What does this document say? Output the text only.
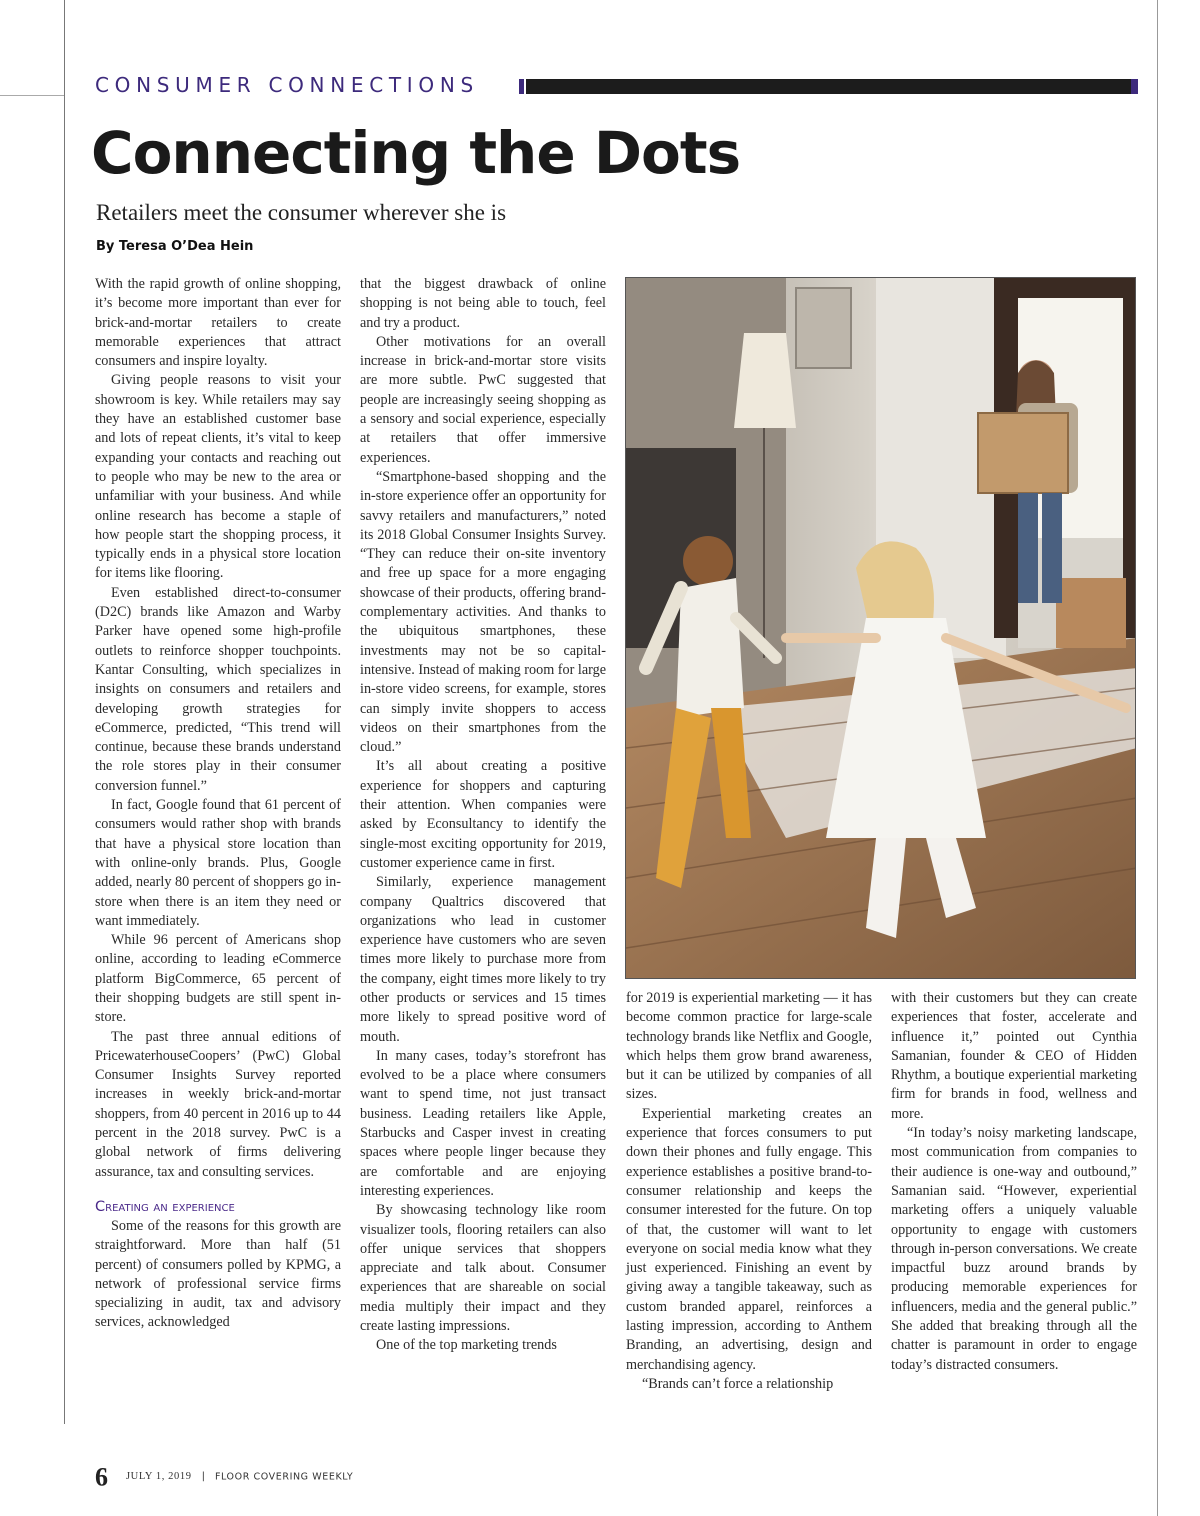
CONSUMER CONNECTIONS
Connecting the Dots
Retailers meet the consumer wherever she is
By Teresa O’Dea Hein

With the rapid growth of online shopping, it’s become more important than ever for brick-and-mortar retailers to create memorable experiences that attract consumers and inspire loyalty.

Giving people reasons to visit your showroom is key. While retailers may say they have an established customer base and lots of repeat clients, it’s vital to keep expanding your contacts and reaching out to people who may be new to the area or unfamiliar with your business. And while online research has become a staple of how people start the shopping process, it typically ends in a physical store location for items like flooring.

Even established direct-to-consumer (D2C) brands like Amazon and Warby Parker have opened some high-profile outlets to reinforce shopper touchpoints. Kantar Consulting, which specializes in insights on consumers and retailers and developing growth strategies for eCommerce, predicted, “This trend will continue, because these brands understand the role stores play in their consumer conversion funnel.”

In fact, Google found that 61 percent of consumers would rather shop with brands that have a physical store location than with online-only brands. Plus, Google added, nearly 80 percent of shoppers go in-store when there is an item they need or want immediately.

While 96 percent of Americans shop online, according to leading eCommerce platform BigCommerce, 65 percent of their shopping budgets are still spent in-store.

The past three annual editions of PricewaterhouseCoopers’ (PwC) Global Consumer Insights Survey reported increases in weekly brick-and-mortar shoppers, from 40 percent in 2016 up to 44 percent in the 2018 survey. PwC is a global network of firms delivering assurance, tax and consulting services.

Creating an experience

Some of the reasons for this growth are straightforward. More than half (51 percent) of consumers polled by KPMG, a network of professional service firms specializing in audit, tax and advisory services, acknowledged

that the biggest drawback of online shopping is not being able to touch, feel and try a product.

Other motivations for an overall increase in brick-and-mortar store visits are more subtle. PwC suggested that people are increasingly seeing shopping as a sensory and social experience, especially at retailers that offer immersive experiences.

“Smartphone-based shopping and the in-store experience offer an opportunity for savvy retailers and manufacturers,” noted its 2018 Global Consumer Insights Survey. “They can reduce their on-site inventory and free up space for a more engaging showcase of their products, offering brand-complementary activities. And thanks to the ubiquitous smartphones, these investments may not be so capital-intensive. Instead of making room for large in-store video screens, for example, stores can simply invite shoppers to access videos on their smartphones from the cloud.”

It’s all about creating a positive experience for shoppers and capturing their attention. When companies were asked by Econsultancy to identify the single-most exciting opportunity for 2019, customer experience came in first.

Similarly, experience management company Qualtrics discovered that organizations who lead in customer experience have customers who are seven times more likely to purchase more from the company, eight times more likely to try other products or services and 15 times more likely to spread positive word of mouth.

In many cases, today’s storefront has evolved to be a place where consumers want to spend time, not just transact business. Leading retailers like Apple, Starbucks and Casper invest in creating spaces where people linger because they are comfortable and are enjoying interesting experiences.

By showcasing technology like room visualizer tools, flooring retailers can also offer unique services that shoppers appreciate and talk about. Consumer experiences that are shareable on social media multiply their impact and they create lasting impressions.

One of the top marketing trends

for 2019 is experiential marketing — it has become common practice for large-scale technology brands like Netflix and Google, which helps them grow brand awareness, but it can be utilized by companies of all sizes.

Experiential marketing creates an experience that forces consumers to put down their phones and fully engage. This experience establishes a positive brand-to-consumer relationship and keeps the consumer interested for the future. On top of that, the customer will want to let everyone on social media know what they just experienced. Finishing an event by giving away a tangible takeaway, such as custom branded apparel, reinforces a lasting impression, according to Anthem Branding, an advertising, design and merchandising agency.

“Brands can’t force a relationship

with their customers but they can create experiences that foster, accelerate and influence it,” pointed out Cynthia Samanian, founder & CEO of Hidden Rhythm, a boutique experiential marketing firm for brands in food, wellness and more.

“In today’s noisy marketing landscape, most communication from companies to their audience is one-way and outbound,” Samanian said. “However, experiential marketing offers a uniquely valuable opportunity to engage with customers through in-person conversations. We create impactful buzz around brands by producing memorable experiences for influencers, media and the general public.” She added that breaking through all the chatter is paramount in order to engage today’s distracted consumers.

6 JULY 1, 2019 | FLOOR COVERING WEEKLY
